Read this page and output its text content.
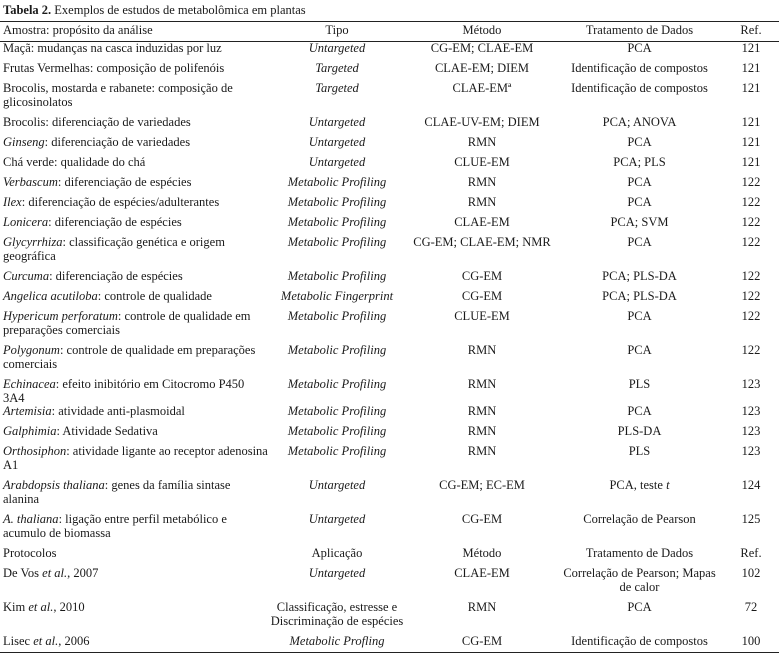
Tabela 2. Exemplos de estudos de metabolômica em plantas
Amostra: propósito da análise	Tipo	Método	Tratamento de Dados	Ref.
Maçã: mudanças na casca induzidas por luz	Untargeted	CG-EM; CLAE-EM	PCA	121
Frutas Vermelhas: composição de polifenóis	Targeted	CLAE-EM; DIEM	Identificação de compostos	121
Brocolis, mostarda e rabanete: composição de glicosinolatos	Targeted	CLAE-EMª	Identificação de compostos	121
Brocolis: diferenciação de variedades	Untargeted	CLAE-UV-EM; DIEM	PCA; ANOVA	121
Ginseng: diferenciação de variedades	Untargeted	RMN	PCA	121
Chá verde: qualidade do chá	Untargeted	CLUE-EM	PCA; PLS	121
Verbascum: diferenciação de espécies	Metabolic Profiling	RMN	PCA	122
Ilex: diferenciação de espécies/adulterantes	Metabolic Profiling	RMN	PCA	122
Lonicera: diferenciação de espécies	Metabolic Profiling	CLAE-EM	PCA; SVM	122
Glycyrrhiza: classificação genética e origem geográfica	Metabolic Profiling	CG-EM; CLAE-EM; NMR	PCA	122
Curcuma: diferenciação de espécies	Metabolic Profiling	CG-EM	PCA; PLS-DA	122
Angelica acutiloba: controle de qualidade	Metabolic Fingerprint	CG-EM	PCA; PLS-DA	122
Hypericum perforatum: controle de qualidade em preparações comerciais	Metabolic Profiling	CLUE-EM	PCA	122
Polygonum: controle de qualidade em preparações comerciais	Metabolic Profiling	RMN	PCA	122
Echinacea: efeito inibitório em Citocromo P450 3A4	Metabolic Profiling	RMN	PLS	123
Artemisia: atividade anti-plasmoidal	Metabolic Profiling	RMN	PCA	123
Galphimia: Atividade Sedativa	Metabolic Profiling	RMN	PLS-DA	123
Orthosiphon: atividade ligante ao receptor adenosina A1	Metabolic Profiling	RMN	PLS	123
Arabdopsis thaliana: genes da família sintase alanina	Untargeted	CG-EM; EC-EM	PCA, teste t	124
A. thaliana: ligação entre perfil metabólico e acumulo de biomassa	Untargeted	CG-EM	Correlação de Pearson	125
Protocolos	Aplicação	Método	Tratamento de Dados	Ref.
De Vos et al., 2007	Untargeted	CLAE-EM	Correlação de Pearson; Mapas de calor	102
Kim et al., 2010	Classificação, estresse e Discriminação de espécies	RMN	PCA	72
Lisec et al., 2006	Metabolic Profling	CG-EM	Identificação de compostos	100
